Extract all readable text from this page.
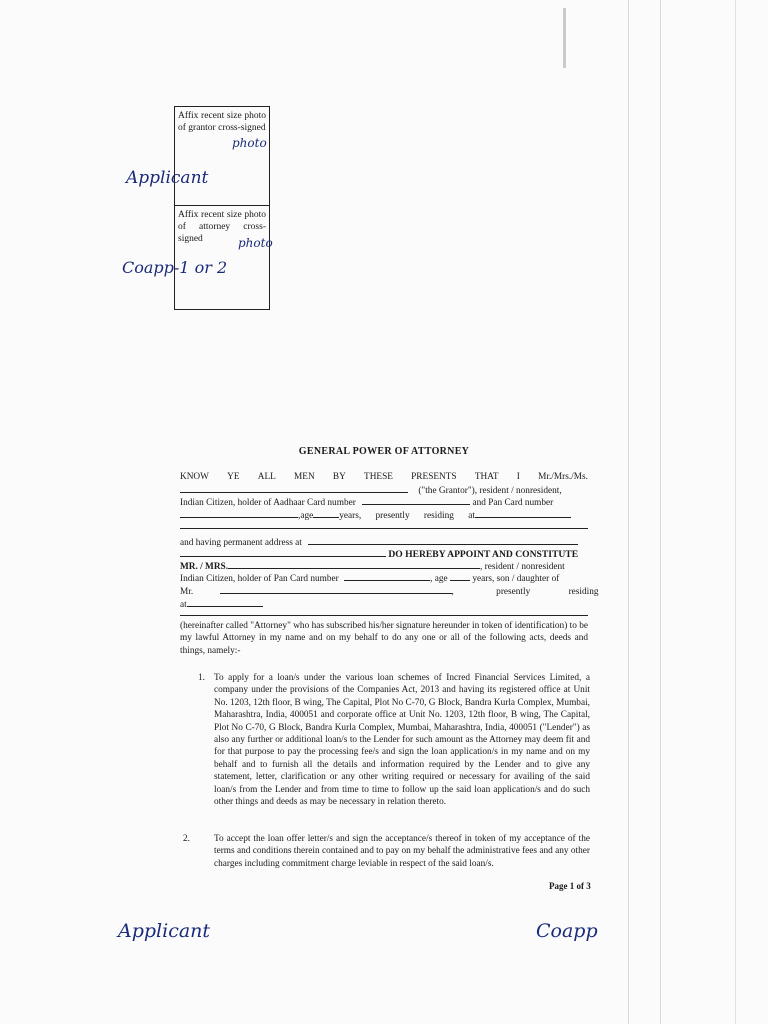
Affix recent size photo of grantor cross-signed
Affix recent size photo of attorney cross-signed
photo
photo
Applicant
Coapp-1 or 2
GENERAL POWER OF ATTORNEY
KNOW YE ALL MEN BY THESE PRESENTS THAT I Mr./Mrs./Ms.
("the Grantor"), resident / nonresident,
Indian Citizen, holder of Aadhaar Card number	and Pan Card number
,age	years, presently residing at
and having permanent address at
DO HEREBY APPOINT AND CONSTITUTE
MR. / MRS.	, resident / nonresident
Indian Citizen, holder of Pan Card number	, age	years, son / daughter of
Mr.	,	presently	residing
at
(hereinafter called "Attorney" who has subscribed his/her signature hereunder in token of identification) to be my lawful Attorney in my name and on my behalf to do any one or all of the following acts, deeds and things, namely:-
1. To apply for a loan/s under the various loan schemes of Incred Financial Services Limited, a company under the provisions of the Companies Act, 2013 and having its registered office at Unit No. 1203, 12th floor, B wing, The Capital, Plot No C-70, G Block, Bandra Kurla Complex, Mumbai, Maharashtra, India, 400051 and corporate office at Unit No. 1203, 12th floor, B wing, The Capital, Plot No C-70, G Block, Bandra Kurla Complex, Mumbai, Maharashtra, India, 400051 ("Lender") as also any further or additional loan/s to the Lender for such amount as the Attorney may deem fit and for that purpose to pay the processing fee/s and sign the loan application/s in my name and on my behalf and to furnish all the details and information required by the Lender and to give any statement, letter, clarification or any other writing required or necessary for availing of the said loan/s from the Lender and from time to time to follow up the said loan application/s and do such other things and deeds as may be necessary in relation thereto.
2.	To accept the loan offer letter/s and sign the acceptance/s thereof in token of my acceptance of the terms and conditions therein contained and to pay on my behalf the administrative fees and any other charges including commitment charge leviable in respect of the said loan/s.
Page 1 of 3
Applicant	Coapp
